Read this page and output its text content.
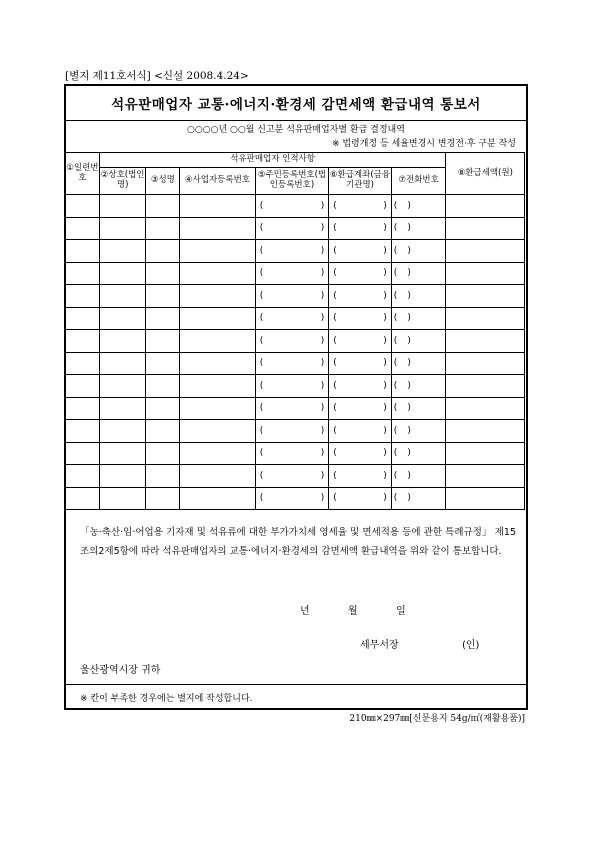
[별지 제11호서식] <신설 2008.4.24>
석유판매업자 교통·에너지·환경세 감면세액 환급내역 통보서
○○○○년 ○○월 신고분 석유판매업자별 환급 결정내역
※ 법령개정 등 세율변경시 변경전·후 구분 작성
①일련번호	석유판매업자 인적사항						⑧환급세액(원)
	②상호(법인명)	③성명	④사업자등록번호	⑤주민등록번호(법인등록번호)	⑥환급계좌(금융기관명)	⑦전화번호	

				( )	( )	( )	

				( )	( )	( )	

				( )	( )	( )	

				( )	( )	( )	

				( )	( )	( )	

				( )	( )	( )	

				( )	( )	( )	

				( )	( )	( )	

				( )	( )	( )	

				( )	( )	( )	

				( )	( )	( )	

				( )	( )	( )	

				( )	( )	( )	

				( )	( )	( )	

「농·축산·임·어업용 기자재 및 석유류에 대한 부가가치세 영세율 및 면세적용 등에 관한 특례규정」 제15조의2제5항에 따라 석유판매업자의 교통·에너지·환경세의 감면세액 환급내역을 위와 같이 통보합니다.
년	월	일
세무서장	(인)
울산광역시장 귀하
※ 칸이 부족한 경우에는 별지에 작성합니다.
210㎜×297㎜[신문용지 54g/㎡(재활용품)]
